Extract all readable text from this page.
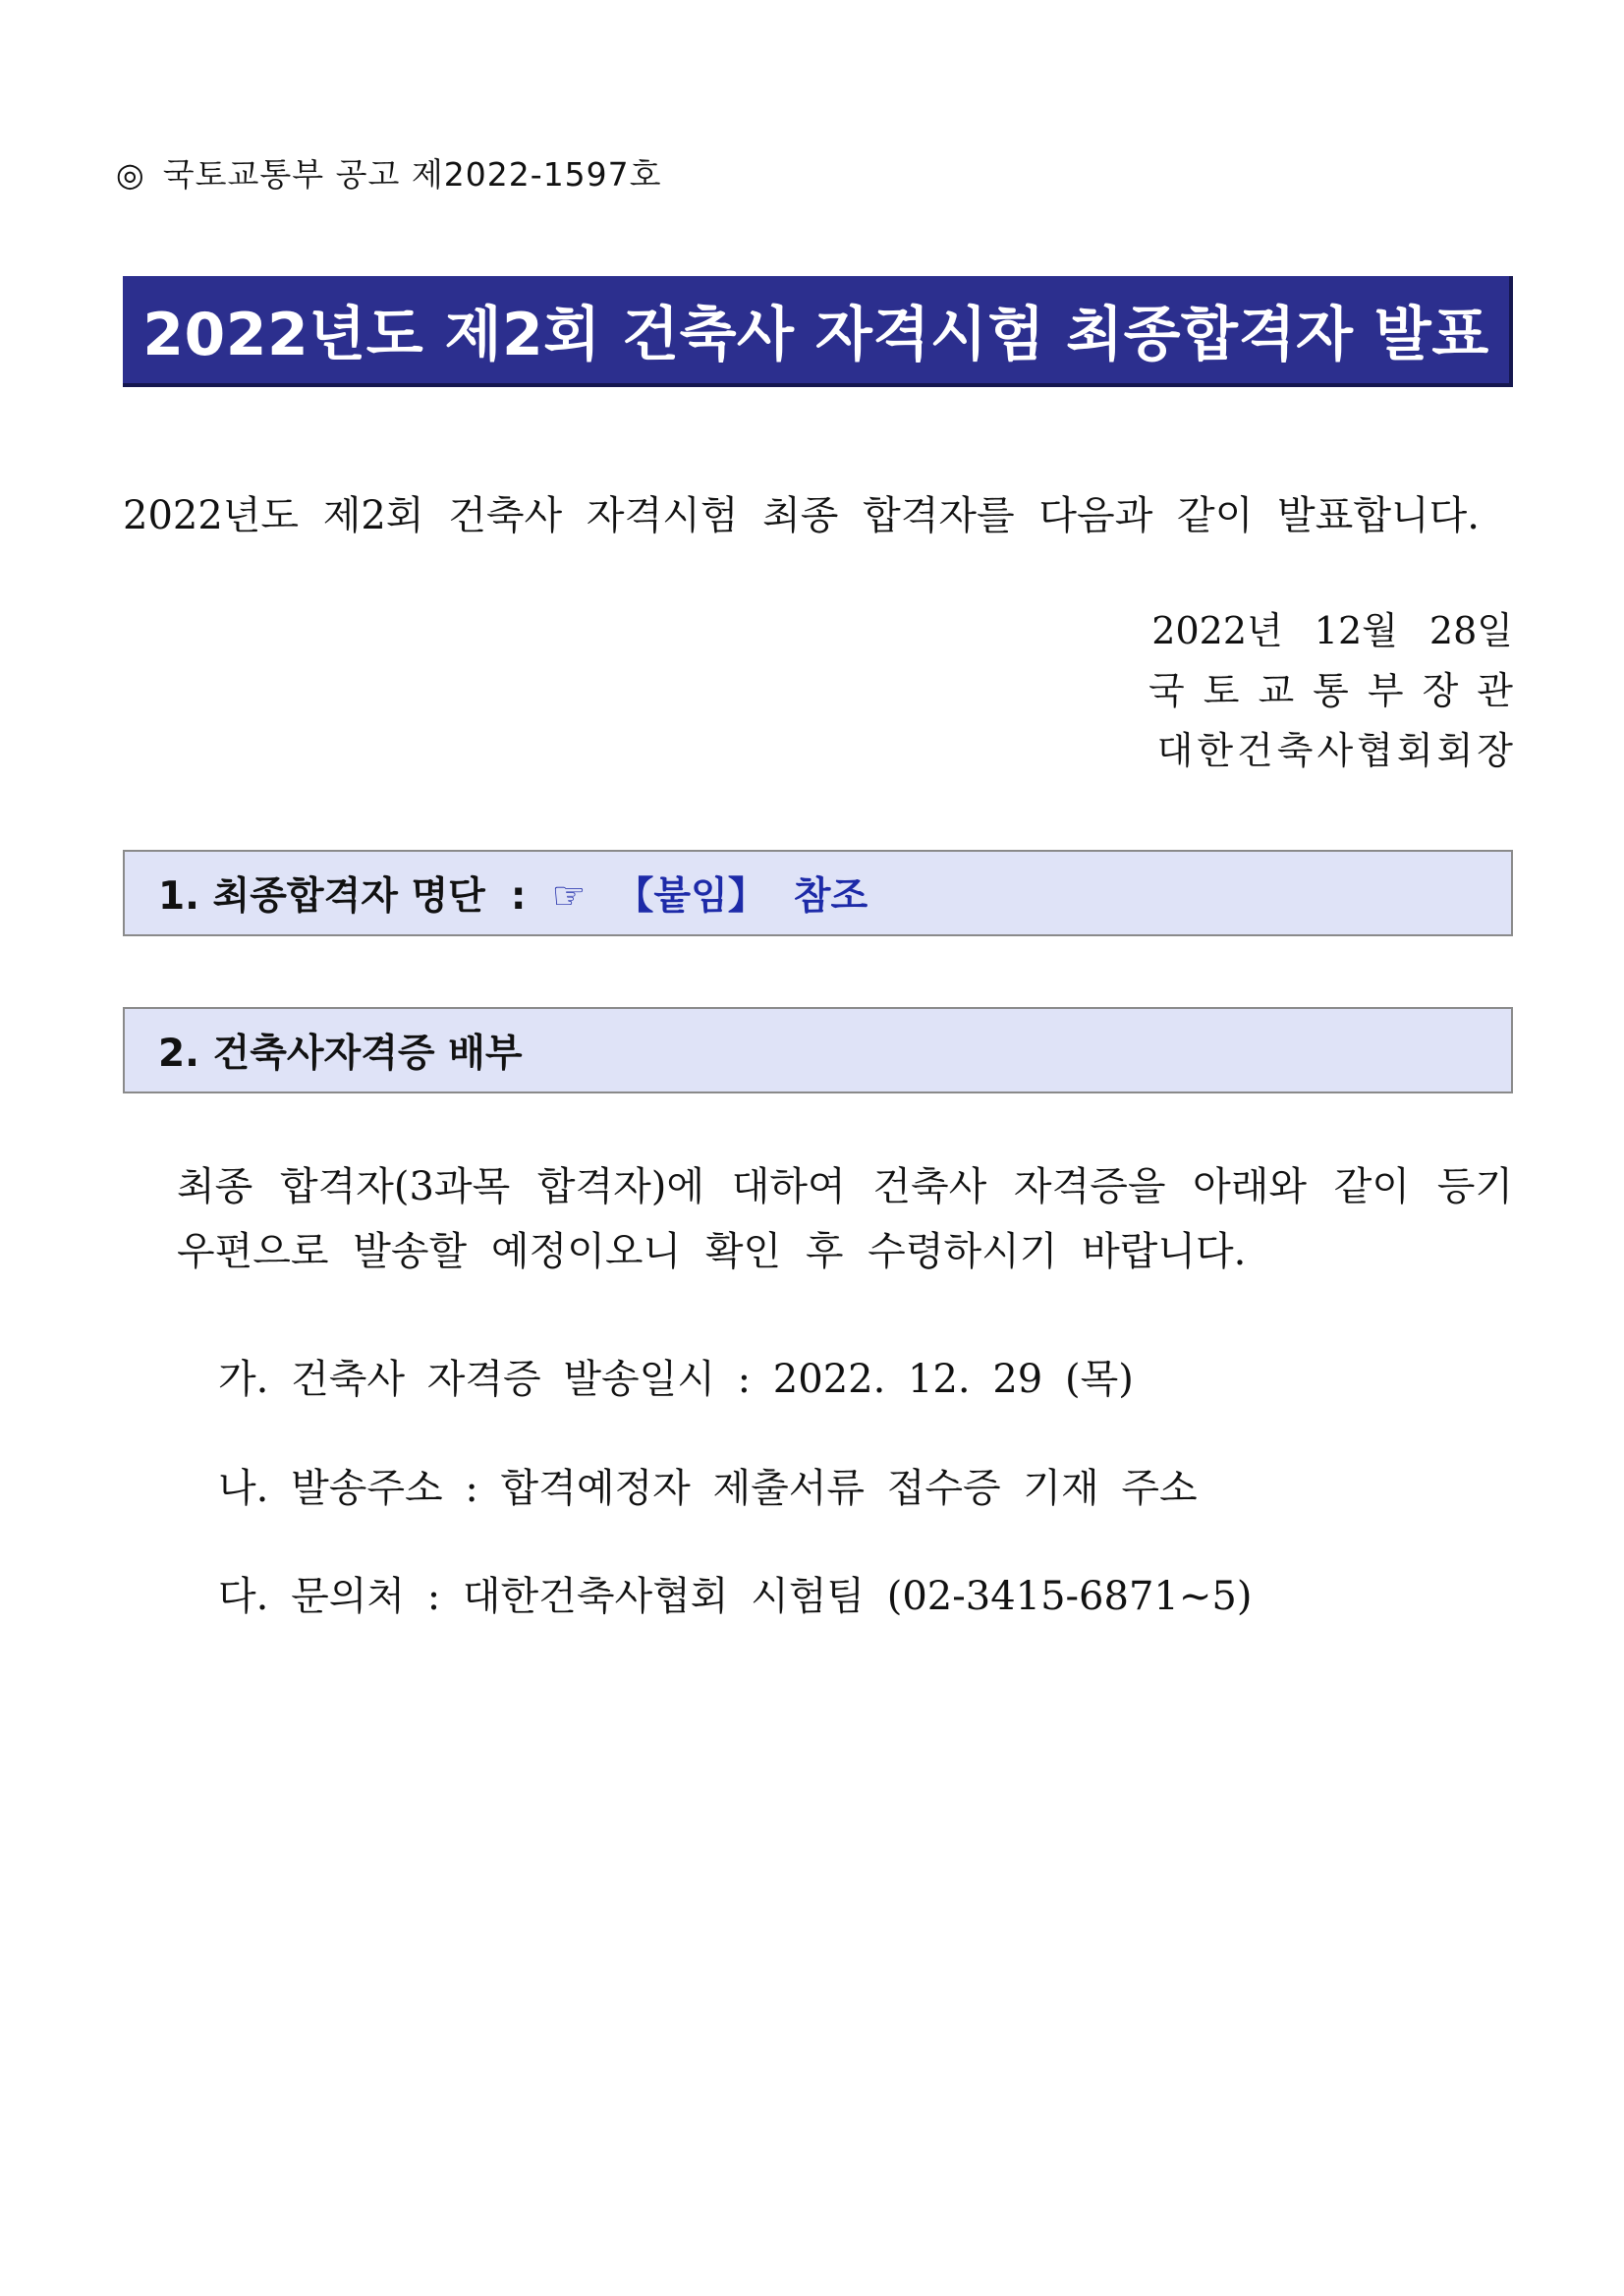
◎ 국토교통부 공고 제2022-1597호
2022년도 제2회 건축사 자격시험 최종합격자 발표
2022년도 제2회 건축사 자격시험 최종 합격자를 다음과 같이 발표합니다.
2022년 12월 28일
국토교통부장관
대한건축사협회회장
1. 최종합격자 명단 : ☞ 【붙임】 참조
2. 건축사자격증 배부
최종 합격자(3과목 합격자)에 대하여 건축사 자격증을 아래와 같이 등기우편으로 발송할 예정이오니 확인 후 수령하시기 바랍니다.
가. 건축사 자격증 발송일시 : 2022. 12. 29 (목)
나. 발송주소 : 합격예정자 제출서류 접수증 기재 주소
다. 문의처 : 대한건축사협회 시험팀 (02-3415-6871~5)
